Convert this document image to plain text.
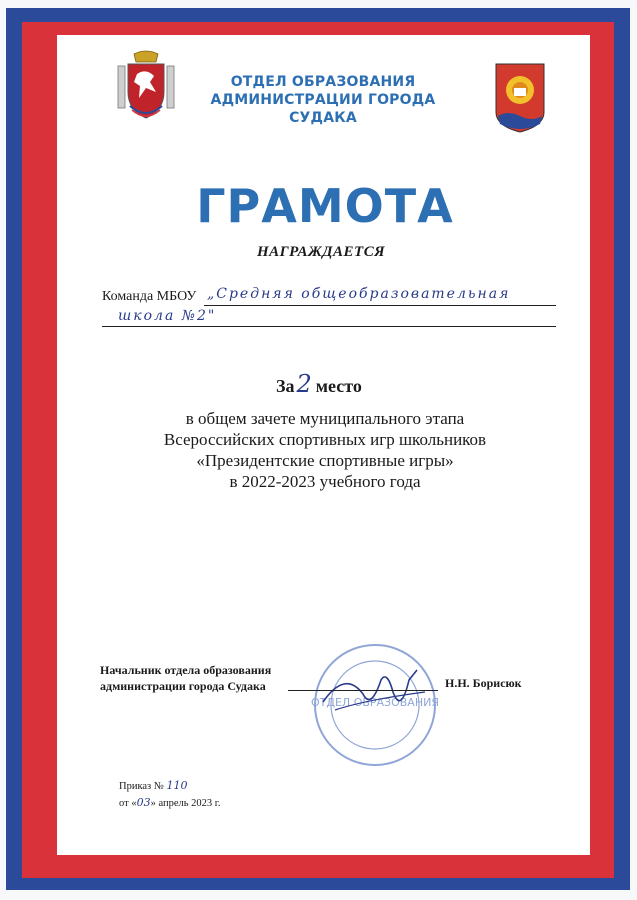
ОТДЕЛ ОБРАЗОВАНИЯ
АДМИНИСТРАЦИИ ГОРОДА СУДАКА
ГРАМОТА
НАГРАЖДАЕТСЯ
Команда МБОУ „Средняя общеобразовательная
школа №2"
За2 место
в общем зачете муниципального этапа
Всероссийских спортивных игр школьников
«Президентские спортивные игры»
в 2022-2023 учебного года
ОТДЕЛ ОБРАЗОВАНИЯ
Начальник отдела образования
администрации города Судака	Н.Н. Борисюк
Приказ № 110
от «03» апрель 2023 г.
